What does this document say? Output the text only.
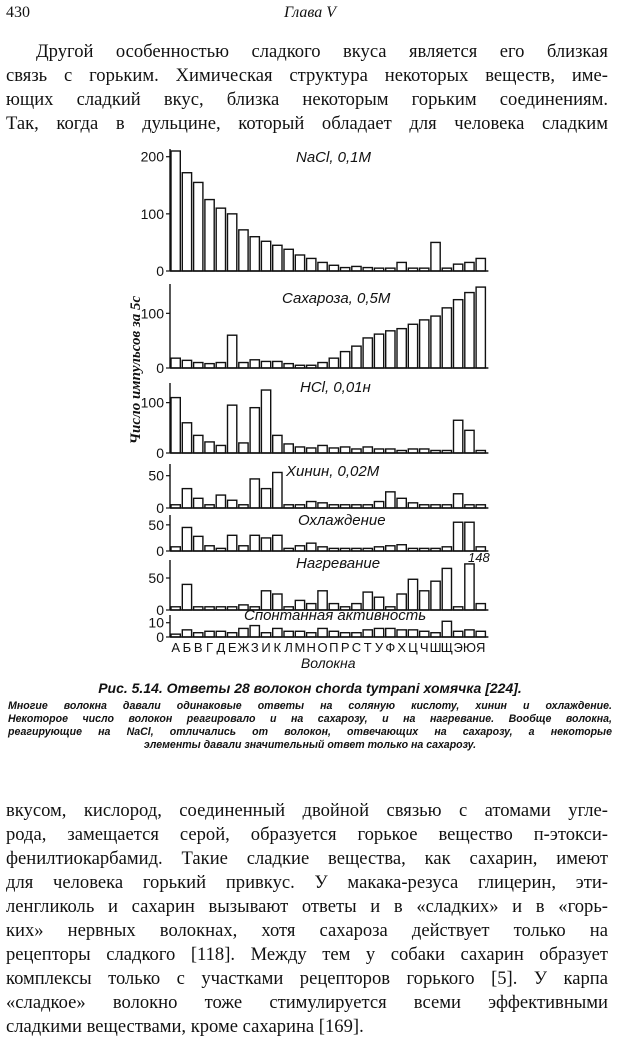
430	Глава V
Другой особенностью сладкого вкуса является его близкая
связь с горьким. Химическая структура некоторых веществ, име-
ющих сладкий вкус, близка некоторым горьким соединениям.
Так, когда в дульцине, который обладает для человека сладким
0
100
200	NaCl, 0,1M
0
100
Сахароза, 0,5M
0
100
HCl, 0,01н
0
50	Хинин, 0,02M
0
50	Охлаждение
0
50
Нагревание
0
10	Спонтанная активность
148
А Б В Г Д Е Ж З И К Л М Н О П Р С Т У Ф Х Ц Ч Ш Щ Э Ю Я
Волокна
Число импульсов за 5с
Рис. 5.14. Ответы 28 волокон chorda tympani хомячка [224].
Многие волокна давали одинаковые ответы на соляную кислоту, хинин и охлаждение.
Некоторое число волокон реагировало и на сахарозу, и на нагревание. Вообще волокна,
реагирующие на NaCl, отличались от волокон, отвечающих на сахарозу, а некоторые
элементы давали значительный ответ только на сахарозу.
вкусом, кислород, соединенный двойной связью с атомами угле-
рода, замещается серой, образуется горькое вещество п-этокси-
фенилтиокарбамид. Такие сладкие вещества, как сахарин, имеют
для человека горький привкус. У макака-резуса глицерин, эти-
ленгликоль и сахарин вызывают ответы и в «сладких» и в «горь-
ких» нервных волокнах, хотя сахароза действует только на
рецепторы сладкого [118]. Между тем у собаки сахарин образует
комплексы только с участками рецепторов горького [5]. У карпа
«сладкое» волокно тоже стимулируется всеми эффективными
сладкими веществами, кроме сахарина [169].
